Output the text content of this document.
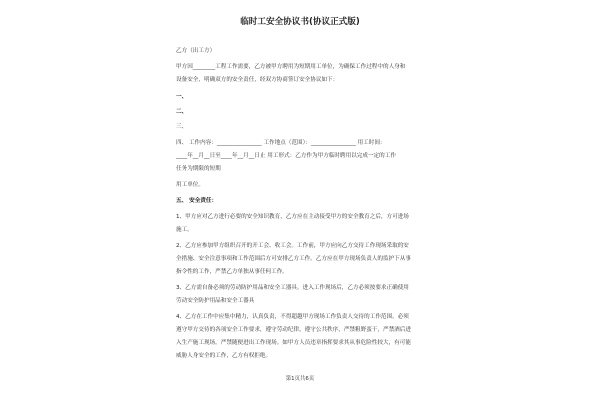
临时工安全协议书(协议正式版)
乙方（出工方）
甲方因________工程工作需要，乙方被甲方聘用为短期用工单位，为确保工作过程中的人身和
设备安全，明确双方的安全责任，经双方协商签订安全协议如下：
一、
二、
三、
四、 工作内容：________________ 工作地点（范围）：________________ 用工时间：
____年__月__日至____年__月__日止 用工形式：乙方作为甲方临时聘用以完成一定的工作
任务为期限的短期
用工单位。
五、 安全责任：
1、甲方应对乙方进行必要的安全知识教育，乙方应在主动接受甲方的安全教育之后，方可进场
施工。
2、乙方应参加甲方组织召开的开工会、收工会。工作前，甲方应向乙方交待工作现场采取的安
全措施、安全注意事项和工作范围后方可安排乙方工作。乙方应在甲方现场负责人的监护下从事
指令性的工作，严禁乙方单独从事任何工作。
3、乙方需自备必须的劳动防护用品和安全工器具。进入工作现场后，乙方必须按要求正确使用
劳动安全防护用品和安全工器具
4、乙方在工作中应集中精力，认真负责，不得超越甲方现场工作负责人交待的工作范围。必须
遵守甲方交待的各项安全工作要求，遵守劳动纪律，遵守公共秩序，严禁粗野蛮干，严禁酒后进
入生产施工现场。严禁随便进出工作现场。如甲方人员违章指挥要求其从事危险性较大，有可能
威胁人身安全的工作，乙方有权拒绝。
第1页共6页
